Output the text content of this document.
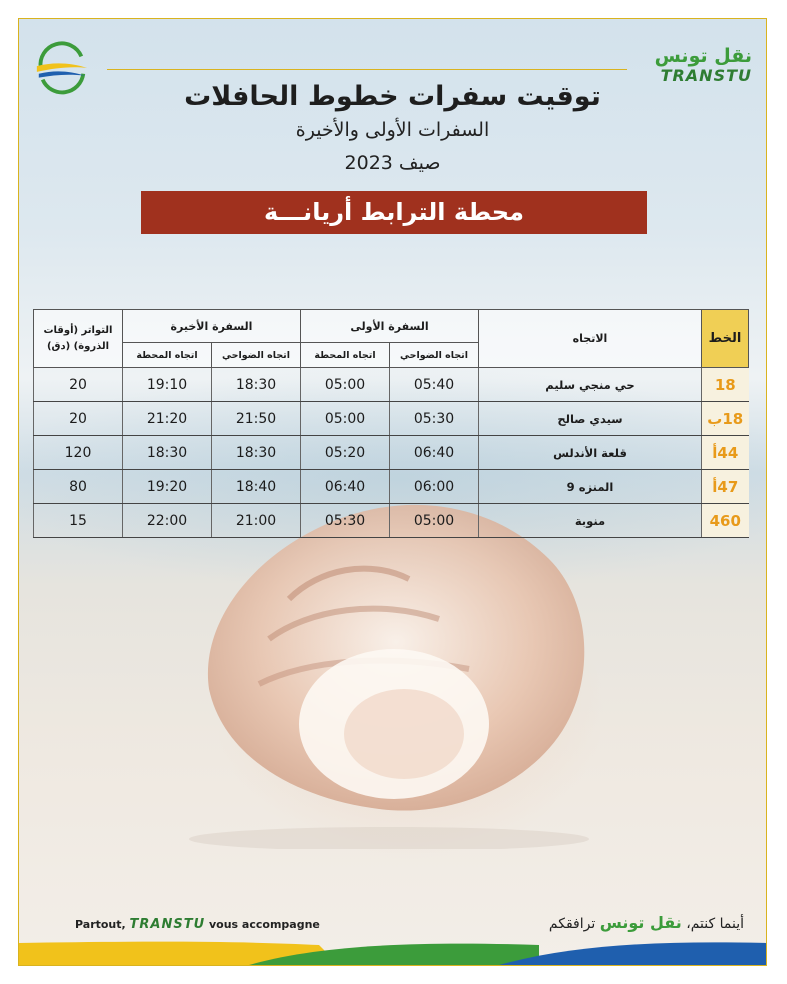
نقل تونس
TRANSTU
توقيت سفرات خطوط الحافلات
السفرات الأولى والأخيرة
صيف 2023
محطة الترابط أريانـــة
الخط	الاتجاه	السفرة الأولى		السفرة الأخيرة		التواتر (أوقات الذروة) (دق)
		اتجاه الضواحي	اتجاه المحطة	اتجاه الضواحي	اتجاه المحطة	
18	حي منجي سليم	05:40	05:00	18:30	19:10	20
18ب	سيدي صالح	05:30	05:00	21:50	21:20	20
44أ	قلعة الأندلس	06:40	05:20	18:30	18:30	120
47أ	المنزه 9	06:00	06:40	18:40	19:20	80
460	منوبة	05:00	05:30	21:00	22:00	15
Partout, TRANSTU vous accompagne	أينما كنتم، نقل تونس ترافقكم
